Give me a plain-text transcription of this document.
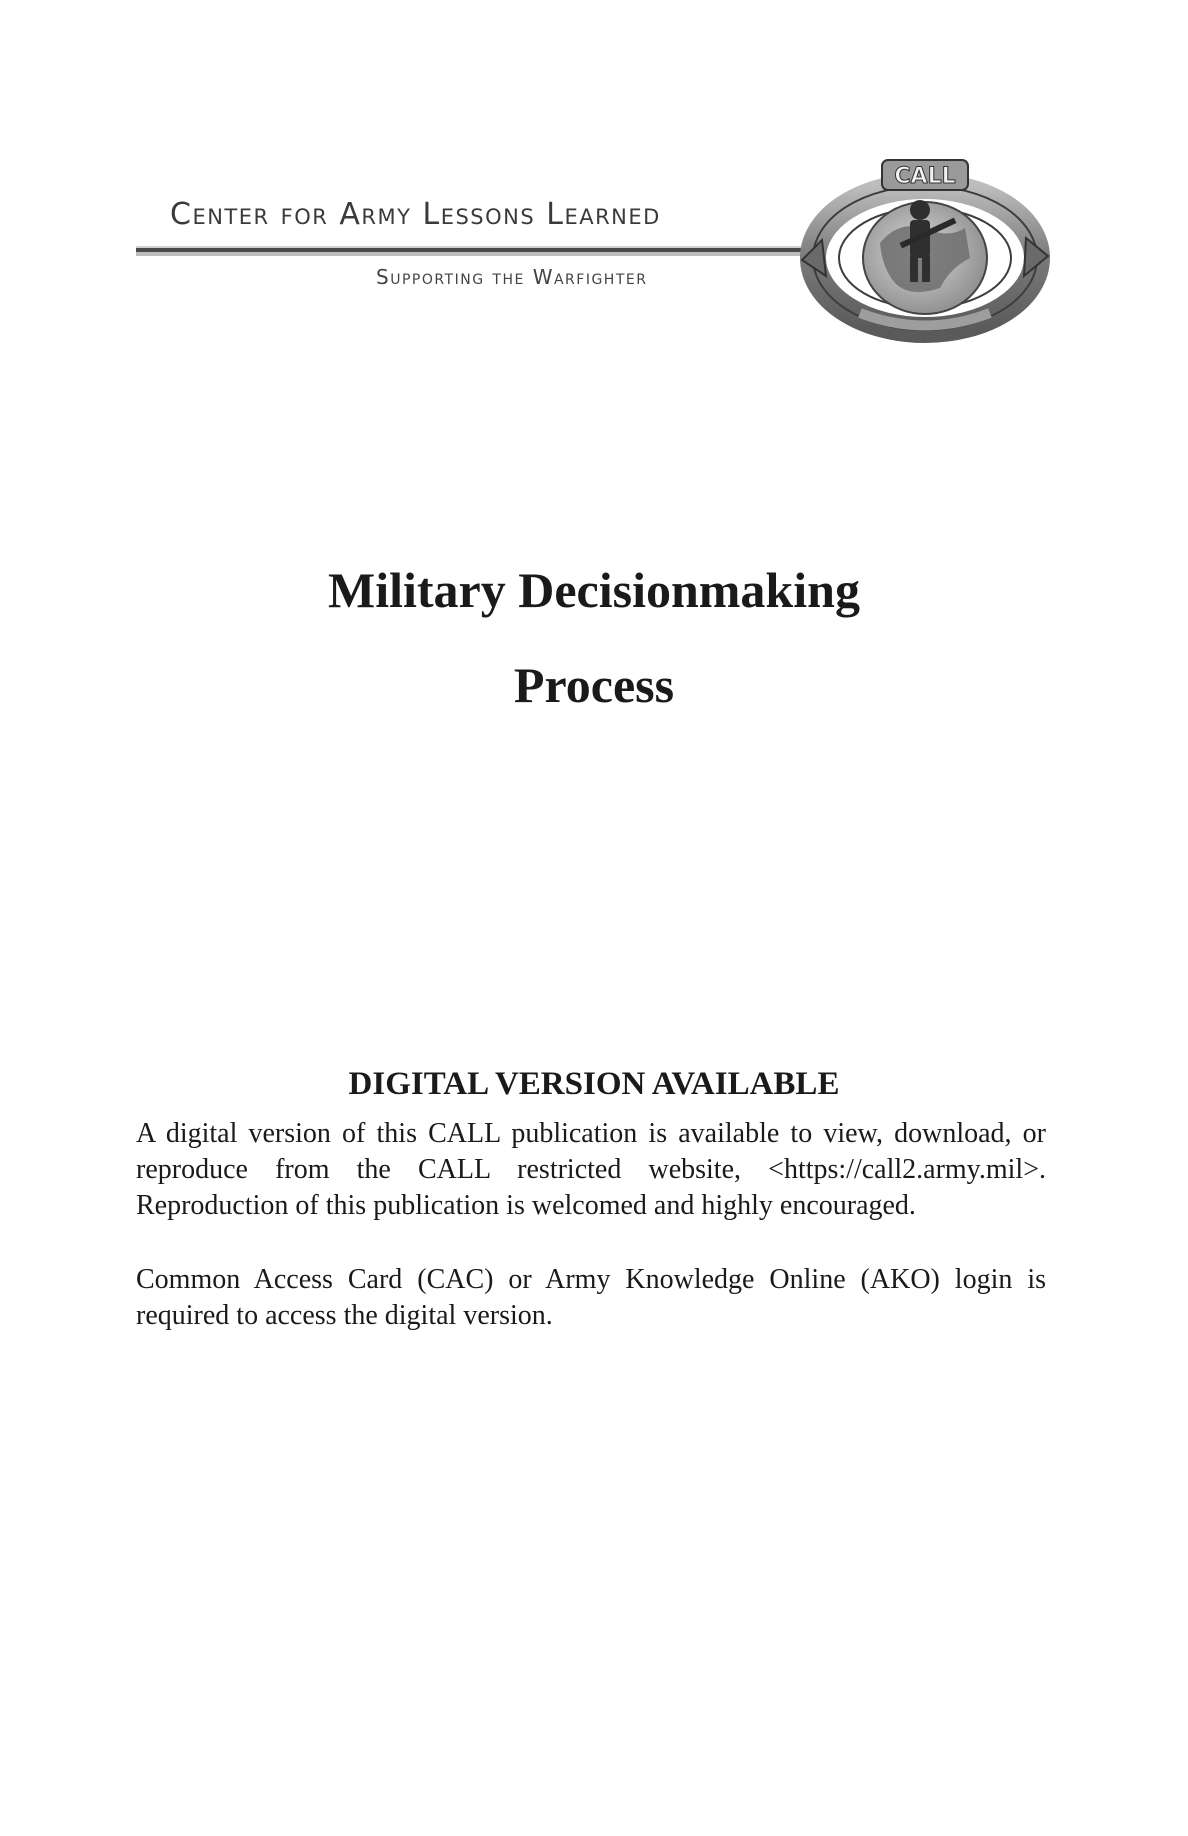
Center for Army Lessons Learned
Supporting the Warfighter
CALL
Military Decisionmaking
Process
DIGITAL VERSION AVAILABLE

A digital version of this CALL publication is available to view, download, or reproduce from the CALL restricted website, <https://call2.army.mil>. Reproduction of this publication is welcomed and highly encouraged.

Common Access Card (CAC) or Army Knowledge Online (AKO) login is required to access the digital version.
